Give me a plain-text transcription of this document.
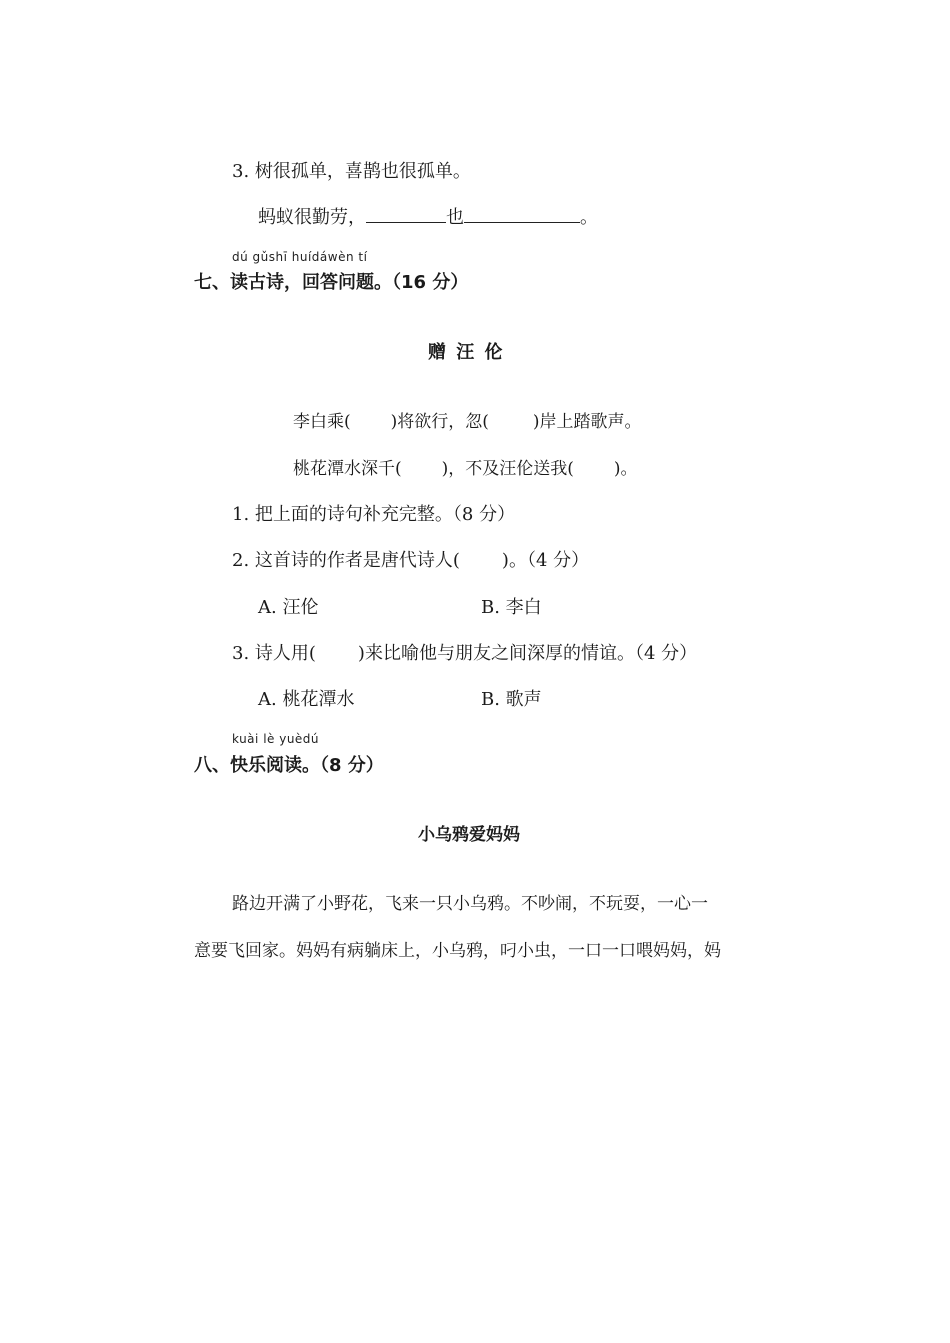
3. 树很孤单，喜鹊也很孤单。
蚂蚁很勤劳，	也	。
dú gǔshī huídáwèn tí
七、读古诗，回答问题。（16 分）
赠 汪 伦
李白乘( )将欲行，忽(	)岸上踏歌声。
桃花潭水深千( )，不及汪伦送我( )。
1. 把上面的诗句补充完整。（8 分）
2. 这首诗的作者是唐代诗人( )。（4 分）
A. 汪伦	B. 李白
3. 诗人用( )来比喻他与朋友之间深厚的情谊。（4 分）
A. 桃花潭水	B. 歌声
kuài lè yuèdú
八、快乐阅读。（8 分）
小乌鸦爱妈妈
路边开满了小野花，飞来一只小乌鸦。不吵闹，不玩耍，一心一
意要飞回家。妈妈有病躺床上，小乌鸦，叼小虫，一口一口喂妈妈，妈
